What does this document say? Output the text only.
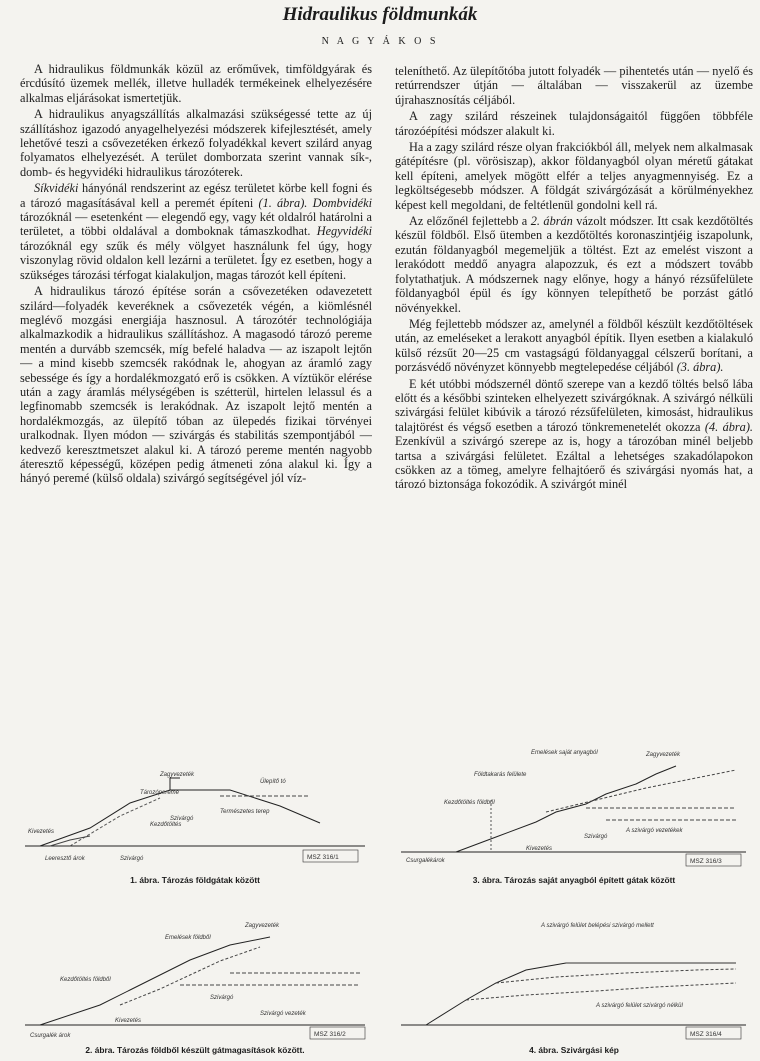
Hidraulikus földmunkák
N A G Y Á K O S

A hidraulikus földmunkák közül az erőművek, timföldgyárak és ércdúsító üzemek mellék, illetve hulladék termékeinek elhelyezésére alkalmas eljárásokat ismertetjük.

A hidraulikus anyagszállítás alkalmazási szükségessé tette az új szállításhoz igazodó anyagelhelyezési módszerek kifejlesztését, amely lehetővé teszi a csővezetéken érkező folyadékkal kevert szilárd anyag folyamatos elhelyezését. A terület domborzata szerint vannak sík-, domb- és hegyvidéki hidraulikus tározóterek.

Síkvidéki hányónál rendszerint az egész területet körbe kell fogni és a tározó magasításával kell a peremét építeni (1. ábra). Dombvidéki tározóknál — esetenként — elegendő egy, vagy két oldalról határolni a területet, a többi oldalával a domboknak támaszkodhat. Hegyvidéki tározóknál egy szűk és mély völgyet használunk fel úgy, hogy viszonylag rövid oldalon kell lezárni a területet. Így ez esetben, hogy a szükséges tározási térfogat kialakuljon, magas tározót kell építeni.

A hidraulikus tározó építése során a csővezetéken odavezetett szilárd—folyadék keveréknek a csővezeték végén, a kiömlésnél meglévő mozgási energiája hasznosul. A tározótér technológiája alkalmazkodik a hidraulikus szállításhoz. A magasodó tározó pereme mentén a durvább szemcsék, míg befelé haladva — az iszapolt lejtőn — a mind kisebb szemcsék rakódnak le, ahogyan az áramló zagy sebessége és így a hordalékmozgató erő is csökken. A víztükör elérése után a zagy áramlás mélységében is szétterül, hirtelen lelassul és a legfinomabb szemcsék is lerakódnak. Az iszapolt lejtő mentén a hordalékmozgás, az ülepítő tóban az ülepedés fizikai törvényei uralkodnak. Ilyen módon — szivárgás és stabilitás szempontjából — kedvező keresztmetszet alakul ki. A tározó pereme mentén nagyobb áteresztő képességű, középen pedig átmeneti zóna alakul ki. Így a hányó peremé (külső oldala) szivárgó segítségével jól víz-

teleníthető. Az ülepítőtóba jutott folyadék — pihentetés után — nyelő és retúrrendszer útján — általában — visszakerül az üzembe újrahasznosítás céljából.

A zagy szilárd részeinek tulajdonságaitól függően többféle tározóépítési módszer alakult ki.

Ha a zagy szilárd része olyan frakciókból áll, melyek nem alkalmasak gátépítésre (pl. vörösiszap), akkor földanyagból olyan méretű gátakat kell építeni, amelyek mögött elfér a teljes anyagmennyiség. Ez a legköltségesebb módszer. A földgát szivárgózását a körülményekhez képest kell megoldani, de feltétlenül gondolni kell rá.

Az előzőnél fejlettebb a 2. ábrán vázolt módszer. Itt csak kezdőtöltés készül földből. Első ütemben a kezdőtöltés koronaszintjéig iszapolunk, ezután földanyagból megemeljük a töltést. Ezt az emelést viszont a lerakódott meddő anyagra alapozzuk, és ezt a módszert tovább folytathatjuk. A módszernek nagy előnye, hogy a hányó rézsűfelülete földanyagból épül és így könnyen telepíthető be porzást gátló növényekkel.

Még fejlettebb módszer az, amelynél a földből készült kezdőtöltések után, az emeléseket a lerakott anyagból építik. Ilyen esetben a kialakuló külső rézsűt 20—25 cm vastagságú földanyaggal célszerű borítani, a porzásvédő növényzet könnyebb megtelepedése céljából (3. ábra).

E két utóbbi módszernél döntő szerepe van a kezdő töltés belső lába előtt és a későbbi szinteken elhelyezett szivárgóknak. A szivárgó nélküli szivárgási felület kibúvik a tározó rézsűfelületen, kimosást, hidraulikus talajtörést és végső esetben a tározó tönkremenetelét okozza (4. ábra). Ezenkívül a szivárgó szerepe az is, hogy a tározóban minél beljebb tartsa a szivárgási felületet. Ezáltal a lehetséges szakadólapokon csökken az a tömeg, amelyre felhajtóerő és szivárgási nyomás hat, a tározó biztonsága fokozódik. A szivárgót minél

Zagyvezeték
Ülepítő tó
Kivezetés
Szivárgó
Szivárgó
Kezdőtöltés
Természetes terep
Tározópereme
Leeresztő árok	MSZ 316/1
1. ábra. Tározás földgátak között
Zagyvezeték
Emelések saját anyagból
Földtakarás felülete
Kezdőtöltés földből
Szivárgó
A szivárgó vezetékek
Kivezetés
Csurgalékárok	MSZ 316/3
3. ábra. Tározás saját anyagból épített gátak között
Zagyvezeték
Emelések földből
Kezdőtöltés földből
Szivárgó
Szivárgó vezeték
Kivezetés
Csurgalék árok	MSZ 316/2
2. ábra. Tározás földből készült gátmagasítások között.
A szivárgó felület belépési szivárgó mellett
A szivárgó felület szivárgó nélkül
MSZ 316/4
4. ábra. Szivárgási kép
